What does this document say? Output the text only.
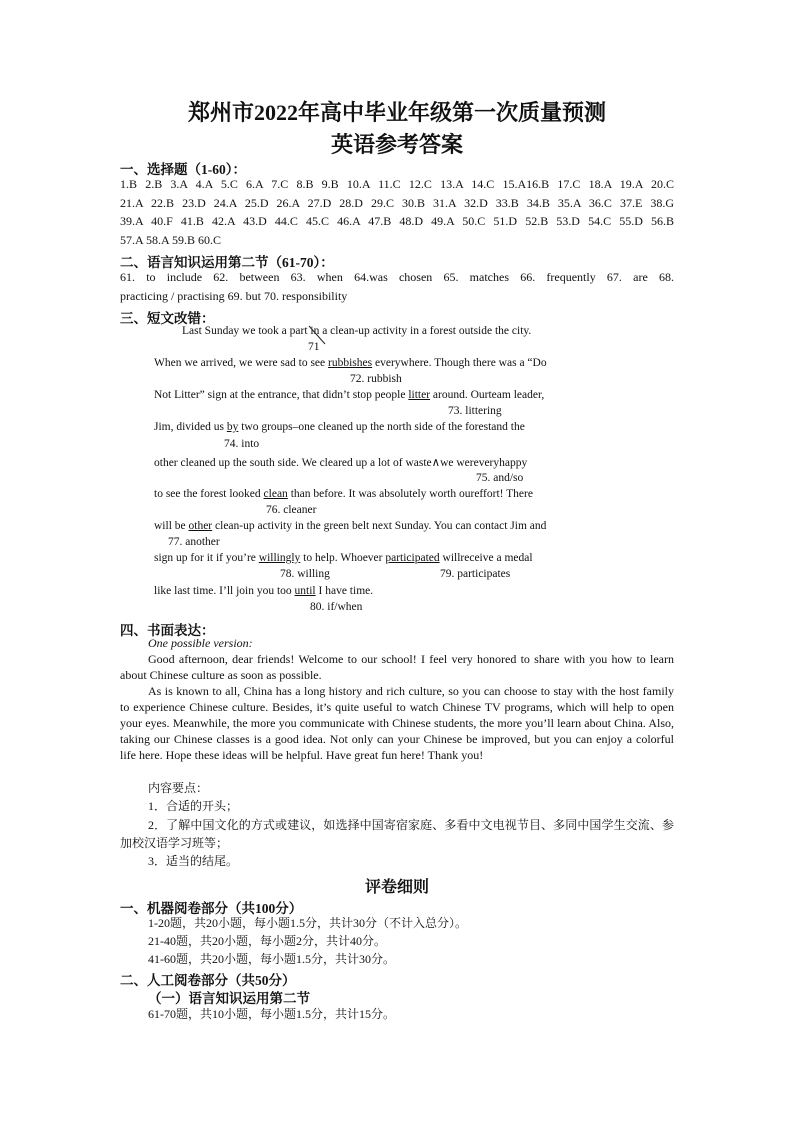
郑州市2022年高中毕业年级第一次质量预测
英语参考答案
一、选择题（1-60）：
1.B 2.B 3.A 4.A 5.C 6.A 7.C 8.B 9.B 10.A 11.C 12.C 13.A 14.C 15.A16.B 17.C 18.A 19.A 20.C
21.A 22.B 23.D 24.A 25.D 26.A 27.D 28.D 29.C 30.B 31.A 32.D 33.B 34.B 35.A 36.C 37.E 38.G
39.A 40.F 41.B 42.A 43.D 44.C 45.C 46.A 47.B 48.D 49.A 50.C 51.D 52.B 53.D 54.C 55.D 56.B
57.A 58.A 59.B 60.C
二、语言知识运用第二节（61-70）：
61. to include 62. between 63. when 64.was chosen 65. matches 66. frequently 67. are 68.
practicing / practising 69. but 70. responsibility
三、短文改错：
Last Sunday we took a part in a clean-up activity in a forest outside the city.
71
When we arrived, we were sad to see rubbishes everywhere. Though there was a “Do
72. rubbish
Not Litter” sign at the entrance, that didn’t stop people litter around. Ourteam leader,
73. littering
Jim, divided us by two groups–one cleaned up the north side of the forestand the
74. into
other cleaned up the south side. We cleared up a lot of waste∧we wereveryhappy
75. and/so
to see the forest looked clean than before. It was absolutely worth oureffort! There
76. cleaner
will be other clean-up activity in the green belt next Sunday. You can contact Jim and
77. another
sign up for it if you’re willingly to help. Whoever participated willreceive a medal
78. willing	79. participates
like last time. I’ll join you too until I have time.
80. if/when
四、书面表达：
One possible version:
Good afternoon, dear friends! Welcome to our school! I feel very honored to share with you how to learn about Chinese culture as soon as possible.
As is known to all, China has a long history and rich culture, so you can choose to stay with the host family to experience Chinese culture. Besides, it’s quite useful to watch Chinese TV programs, which will help to open your eyes. Meanwhile, the more you communicate with Chinese students, the more you’ll learn about China. Also, taking our Chinese classes is a good idea. Not only can your Chinese be improved, but you can enjoy a colorful life here. Hope these ideas will be helpful. Have great fun here! Thank you!
内容要点：
1．合适的开头；
2．了解中国文化的方式或建议，如选择中国寄宿家庭、多看中文电视节目、多同中国学生交流、参加校汉语学习班等；
3．适当的结尾。
评卷细则
一、机器阅卷部分（共100分）
1-20题，共20小题，每小题1.5分，共计30分（不计入总分）。
21-40题，共20小题，每小题2分，共计40分。
41-60题，共20小题，每小题1.5分，共计30分。
二、人工阅卷部分（共50分）
（一）语言知识运用第二节
61-70题，共10小题，每小题1.5分，共计15分。
